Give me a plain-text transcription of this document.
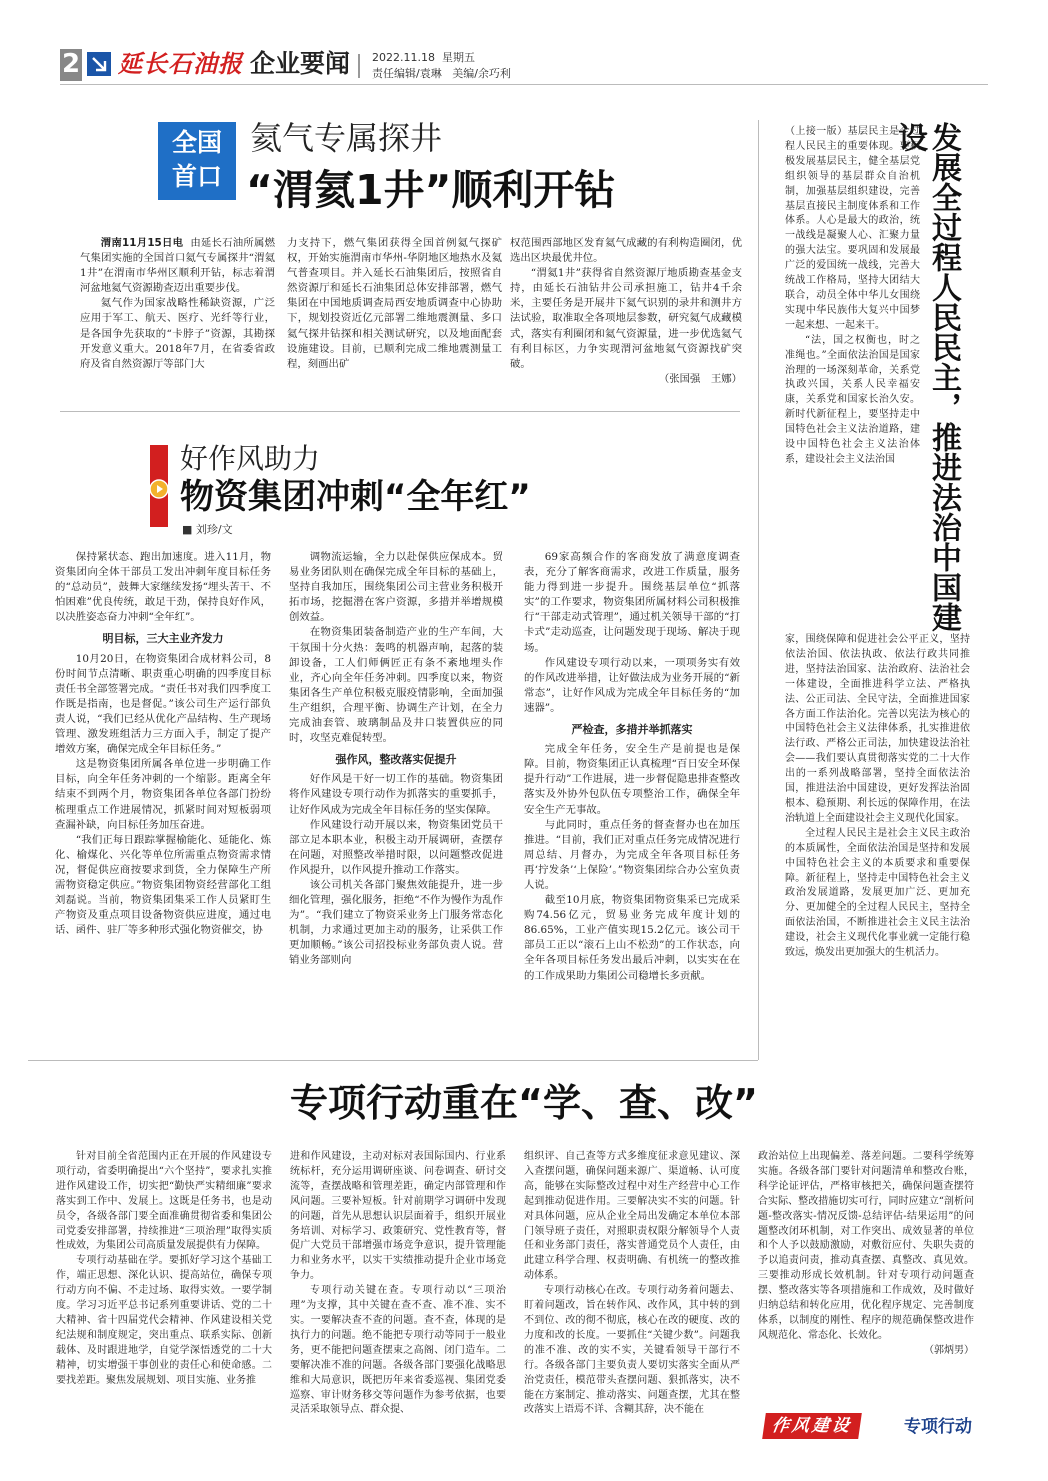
2 延长石油报 企业要闻 2022.11.18 星期五
责任编辑/袁琳 美编/余巧利
全国
首口
氦气专属探井
“渭氦1井”顺利开钻

渭南11月15日电 由延长石油所属燃气集团实施的全国首口氦气专属探井“渭氦1井”在渭南市华州区顺利开钻，标志着渭河盆地氦气资源勘查迈出重要步伐。

氦气作为国家战略性稀缺资源，广泛应用于军工、航天、医疗、光纤等行业，是各国争先获取的“卡脖子”资源，其勘探开发意义重大。2018年7月，在省委省政府及省自然资源厅等部门大

力支持下，燃气集团获得全国首例氦气探矿权，开始实施渭南市华州-华阴地区地热水及氦气普查项目。并入延长石油集团后，按照省自然资源厅和延长石油集团总体安排部署，燃气集团在中国地质调查局西安地质调查中心协助下，规划投资近亿元部署二维地震测量、多口氦气探井钻探和相关测试研究，以及地面配套设施建设。目前，已顺利完成二维地震测量工程，刻画出矿

权范围西部地区发育氦气成藏的有利构造圈闭，优选出区块最优井位。

“渭氦1井”获得省自然资源厅地质勘查基金支持，由延长石油钻井公司承担施工，钻井4千余米，主要任务是开展井下氦气识别的录井和测井方法试验，取准取全各项地层参数，研究氦气成藏模式，落实有利圈闭和氦气资源量，进一步优选氦气有利目标区，力争实现渭河盆地氦气资源找矿突破。

（张国强　王娜）

好作风助力
物资集团冲刺“全年红”
■ 刘珍/文

保持紧状态、跑出加速度。进入11月，物资集团向全体干部员工发出冲刺年度目标任务的“总动员”，鼓舞大家继续发扬“埋头苦干、不怕困难”优良传统，敢足干劲，保持良好作风，以决胜姿态奋力冲刺“全年红”。

明目标，三大主业齐发力

10月20日，在物资集团合成材料公司，8份时间节点清晰、职责重心明确的四季度目标责任书全部签署完成。“责任书对我们四季度工作既是指南，也是督促。”该公司生产运行部负责人说，“我们已经从优化产品结构、生产现场管理、激发班组活力三方面入手，制定了提产增效方案，确保完成全年目标任务。”

这是物资集团所属各单位进一步明确工作目标，向全年任务冲刺的一个缩影。距离全年结束不到两个月，物资集团各单位各部门扮纷梳理重点工作进展情况，抓紧时间对短板弱项查漏补缺，向目标任务加压奋进。

“我们正每日跟踪掌握榆能化、延能化、炼化、榆煤化、兴化等单位所需重点物资需求情况，督促供应商按要求到货，全力保障生产所需物资稳定供应。”物资集团物资经营部化工组刘磊说。当前，物资集团集采工作人员紧盯生产物资及重点项目设备物资供应进度，通过电话、函件、驻厂等多种形式强化物资催交，协

调物流运输，全力以赴保供应保成本。贸易业务团队则在确保完成全年目标的基础上，坚持自我加压，围绕集团公司主营业务积极开拓市场，挖掘潜在客户资源，多措并举增规模创效益。

在物资集团装备制造产业的生产车间，大干氛围十分火热：轰鸣的机器声响，起落的装卸设备，工人们师俩匠正有条不紊地埋头作业，齐心向全年任务冲刺。四季度以来，物资集团各生产单位积极克服疫情影响，全面加强生产组织，合理平衡、协调生产计划，在全力完成油套管、玻璃制品及井口装置供应的同时，攻坚克难促转型。

强作风，整改落实促提升

好作风是干好一切工作的基础。物资集团将作风建设专项行动作为抓落实的重要抓手，让好作风成为完成全年目标任务的坚实保障。

作风建设行动开展以来，物资集团党员干部立足本职本业，积极主动开展调研，查摆存在问题，对照整改举措时限，以问题整改促进作风提升，以作风提升推动工作落实。

该公司机关各部门聚焦效能提升，进一步细化管理，强化服务，拒绝“不作为慢作为乱作为”。“我们建立了物资采业务上门服务常态化机制，力求通过更加主动的服务，让采供工作更加顺畅。”该公司招投标业务部负责人说。营销业务部则向

69家高频合作的客商发放了满意度调查表，充分了解客商需求，改进工作质量，服务能力得到进一步提升。围绕基层单位“抓落实”的工作要求，物资集团所属材料公司积极推行“干部走动式管理”，通过机关领导干部的“打卡式”走动巡查，让问题发现于现场、解决于现场。

作风建设专项行动以来，一项项务实有效的作风改进举措，让好做法成为业务开展的“新常态”，让好作风成为完成全年目标任务的“加速器”。

严检查，多措并举抓落实

完成全年任务，安全生产是前提也是保障。目前，物资集团正认真梳理“百日安全环保提升行动”工作进展，进一步督促隐患排查整改落实及外协外包队伍专项整治工作，确保全年安全生产无事故。

与此同时，重点任务的督查督办也在加压推进。“目前，我们正对重点任务完成情况进行周总结、月督办，为完成全年各项目标任务再‘拧发条’‘上保险’。”物资集团综合办公室负责人说。

截至10月底，物资集团物资集采已完成采购74.56亿元，贸易业务完成年度计划的86.65%，工业产值实现15.2亿元。该公司干部员工正以“滚石上山不松劲”的工作状态，向全年各项目标任务发出最后冲刺，以实实在在的工作成果助力集团公司稳增长多贡献。

发展全过程人民民主，推进法治中国建设

（上接一版）基层民主是全过程人民民主的重要体现。要积极发展基层民主，健全基层党组织领导的基层群众自治机制，加强基层组织建设，完善基层直接民主制度体系和工作体系。人心是最大的政治，统一战线是凝聚人心、汇聚力量的强大法宝。要巩固和发展最广泛的爱国统一战线，完善大统战工作格局，坚持大团结大联合，动员全体中华儿女围绕实现中华民族伟大复兴中国梦一起来想、一起来干。

“法，国之权衡也，时之准绳也。”全面依法治国是国家治理的一场深刻革命，关系党执政兴国，关系人民幸福安康，关系党和国家长治久安。新时代新征程上，要坚持走中国特色社会主义法治道路，建设中国特色社会主义法治体系，建设社会主义法治国

家，围绕保障和促进社会公平正义，坚持依法治国、依法执政、依法行政共同推进，坚持法治国家、法治政府、法治社会一体建设，全面推进科学立法、严格执法、公正司法、全民守法，全面推进国家各方面工作法治化。完善以宪法为核心的中国特色社会主义法律体系，扎实推进依法行政、严格公正司法，加快建设法治社会——我们要认真贯彻落实党的二十大作出的一系列战略部署，坚持全面依法治国，推进法治中国建设，更好发挥法治固根本、稳预期、利长远的保障作用，在法治轨道上全面建设社会主义现代化国家。

全过程人民民主是社会主义民主政治的本质属性，全面依法治国是坚持和发展中国特色社会主义的本质要求和重要保障。新征程上，坚持走中国特色社会主义政治发展道路，发展更加广泛、更加充分、更加健全的全过程人民民主，坚持全面依法治国，不断推进社会主义民主法治建设，社会主义现代化事业就一定能行稳致远，焕发出更加强大的生机活力。

专项行动重在“学、查、改”

针对目前全省范围内正在开展的作风建设专项行动，省委明确提出“六个坚持”，要求扎实推进作风建设工作，切实把“勤快严实精细廉”要求落实到工作中、发展上。这既是任务书，也是动员令，各级各部门要全面准确贯彻省委和集团公司党委安排部署，持续推进“三项治理”取得实质性成效，为集团公司高质量发展提供有力保障。

专项行动基础在学。要抓好学习这个基础工作，端正思想、深化认识、提高站位，确保专项行动方向不偏、不走过场、取得实效。一要学制度。学习习近平总书记系列重要讲话、党的二十大精神、省十四届党代会精神、作风建设相关党纪法规和制度规定，突出重点、联系实际、创新载体、及时跟进地学，自觉学深悟透党的二十大精神，切实增强干事创业的责任心和使命感。二要找差距。聚焦发展规划、项目实施、业务推

进和作风建设，主动对标对表国际国内、行业系统标杆，充分运用调研座谈、问卷调查、研讨交流等，查摆战略和管理差距，确定内部管理和作风问题。三要补短板。针对前期学习调研中发现的问题，首先从思想认识层面着手，组织开展业务培训、对标学习、政策研究、党性教育等，督促广大党员干部增强市场竞争意识，提升管理能力和业务水平，以实干实绩推动提升企业市场竞争力。

专项行动关键在查。专项行动以“三项治理”为支撑，其中关键在查不查、准不准、实不实。一要解决查不查的问题。查不查，体现的是执行力的问题。绝不能把专项行动等同于一般业务，更不能把问题查摆束之高阁、闭门造车。二要解决准不准的问题。各级各部门要强化战略思维和大局意识，既把历年来省委巡视、集团党委巡察、审计财务移交等问题作为参考依据，也要灵活采取领导点、群众提、

组织评、自己查等方式多维度征求意见建议、深入查摆问题，确保问题来源广、渠道畅、认可度高，能够在实际整改过程中对生产经营中心工作起到推动促进作用。三要解决实不实的问题。针对具体问题，应从企业全局出发确定本单位本部门领导班子责任，对照职责权限分解领导个人责任和业务部门责任，落实普通党员个人责任，由此建立科学合理、权责明确、有机统一的整改推动体系。

专项行动核心在改。专项行动务着问题去、盯着问题改，旨在转作风、改作风，其中转的到不到位、改的彻不彻底，核心在改的硬度、改的力度和改的长度。一要抓住“关键少数”。问题我的准不准、改的实不实，关键看领导干部行不行。各级各部门主要负责人要切实落实全面从严治党责任，模范带头查摆问题、狠抓落实，决不能在方案制定、推动落实、问题查摆，尤其在整改落实上语焉不详、含糊其辞，决不能在

政治站位上出现偏差、落差问题。二要科学统筹实施。各级各部门要针对问题清单和整改台账，科学论证评估，严格审核把关，确保问题查摆符合实际、整改措施切实可行，同时应建立“剖析问题-整改落实-情况反馈-总结评估-结果运用”的问题整改闭环机制，对工作突出、成效显著的单位和个人予以鼓励激励，对敷衍应付、失职失责的予以追责问责，推动真查摆、真整改、真见效。三要推动形成长效机制。针对专项行动问题查摆、整改落实等各项措施和工作成效，及时做好归纳总结和转化应用，优化程序规定、完善制度体系，以制度的刚性、程序的规范确保整改进作风规范化、常态化、长效化。

（郭炳男）

作风建设	专项行动
